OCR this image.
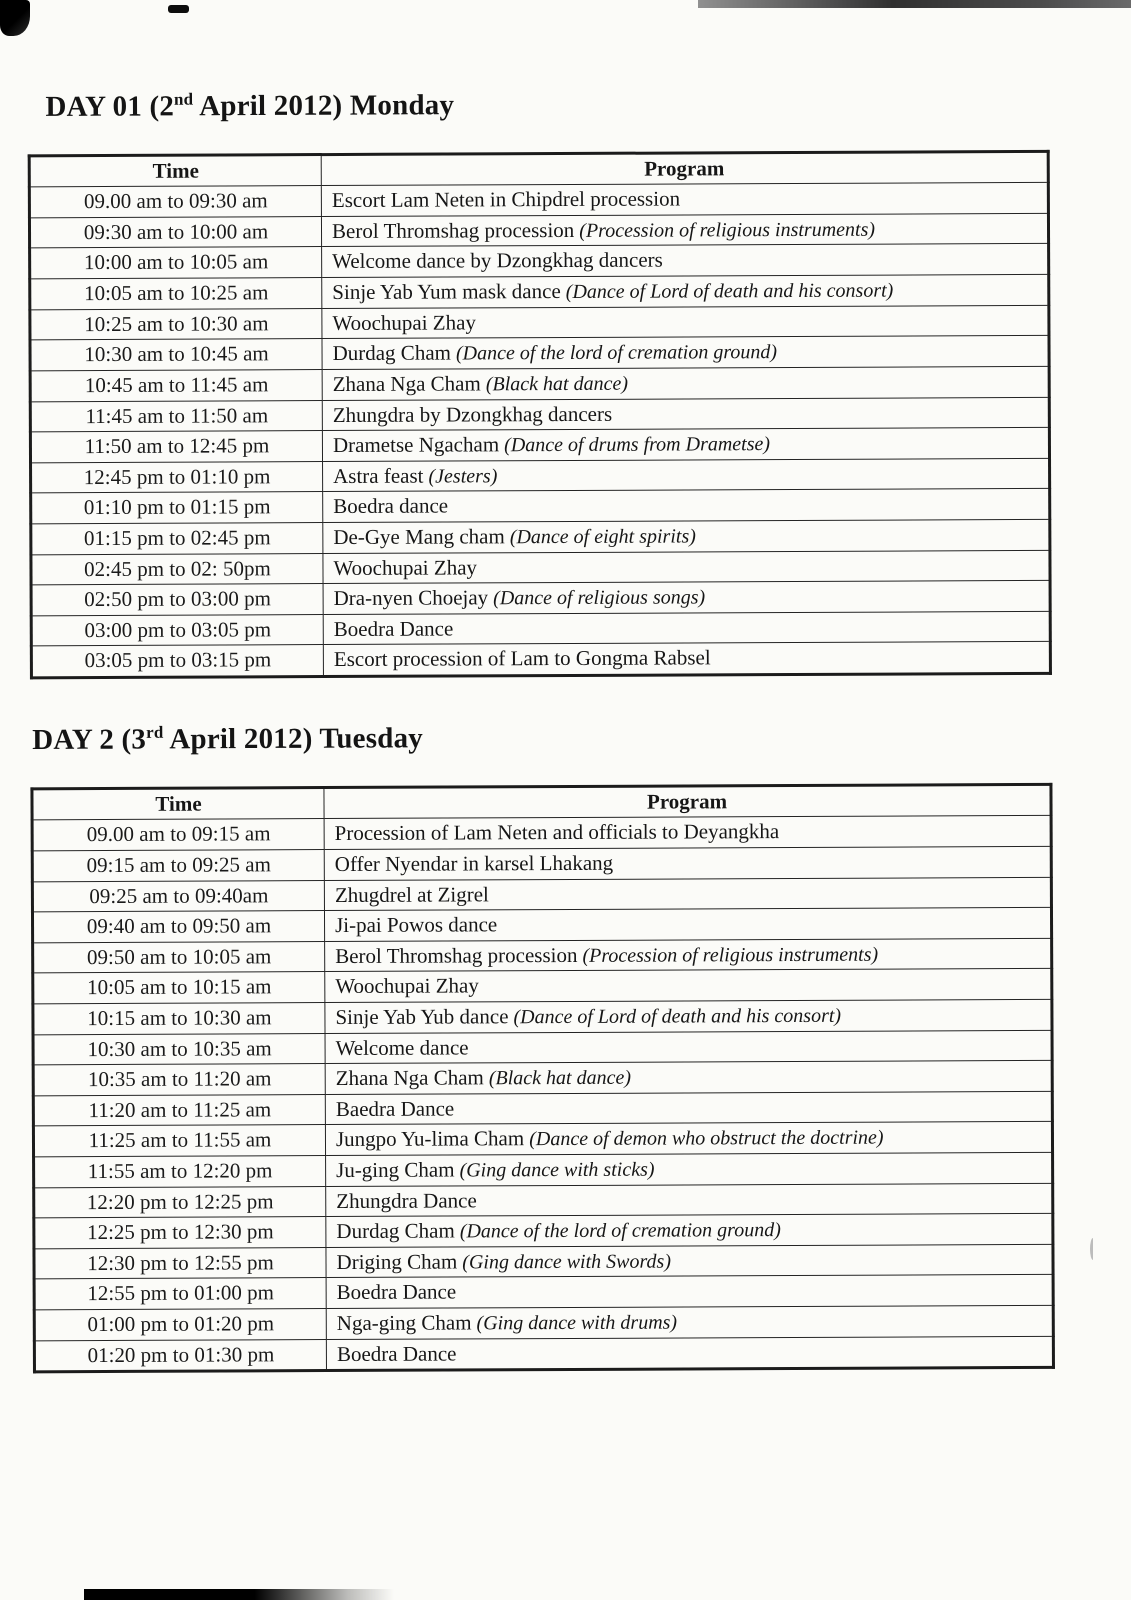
DAY 01 (2nd April 2012) Monday
Time	Program
09.00 am to 09:30 am	Escort Lam Neten in Chipdrel procession
09:30 am to 10:00 am	Berol Thromshag procession (Procession of religious instruments)
10:00 am to 10:05 am	Welcome dance by Dzongkhag dancers
10:05 am to 10:25 am	Sinje Yab Yum mask dance (Dance of Lord of death and his consort)
10:25 am to 10:30 am	Woochupai Zhay
10:30 am to 10:45 am	Durdag Cham (Dance of the lord of cremation ground)
10:45 am to 11:45 am	Zhana Nga Cham (Black hat dance)
11:45 am to 11:50 am	Zhungdra by Dzongkhag dancers
11:50 am to 12:45 pm	Drametse Ngacham (Dance of drums from Drametse)
12:45 pm to 01:10 pm	Astra feast (Jesters)
01:10 pm to 01:15 pm	Boedra dance
01:15 pm to 02:45 pm	De-Gye Mang cham (Dance of eight spirits)
02:45 pm to 02: 50pm	Woochupai Zhay
02:50 pm to 03:00 pm	Dra-nyen Choejay (Dance of religious songs)
03:00 pm to 03:05 pm	Boedra Dance
03:05 pm to 03:15 pm	Escort procession of Lam to Gongma Rabsel
DAY 2 (3rd April 2012) Tuesday
Time	Program
09.00 am to 09:15 am	Procession of Lam Neten and officials to Deyangkha
09:15 am to 09:25 am	Offer Nyendar in karsel Lhakang
09:25 am to 09:40am	Zhugdrel at Zigrel
09:40 am to 09:50 am	Ji-pai Powos dance
09:50 am to 10:05 am	Berol Thromshag procession (Procession of religious instruments)
10:05 am to 10:15 am	Woochupai Zhay
10:15 am to 10:30 am	Sinje Yab Yub dance (Dance of Lord of death and his consort)
10:30 am to 10:35 am	Welcome dance
10:35 am to 11:20 am	Zhana Nga Cham (Black hat dance)
11:20 am to 11:25 am	Baedra Dance
11:25 am to 11:55 am	Jungpo Yu-lima Cham (Dance of demon who obstruct the doctrine)
11:55 am to 12:20 pm	Ju-ging Cham (Ging dance with sticks)
12:20 pm to 12:25 pm	Zhungdra Dance
12:25 pm to 12:30 pm	Durdag Cham (Dance of the lord of cremation ground)
12:30 pm to 12:55 pm	Driging Cham (Ging dance with Swords)
12:55 pm to 01:00 pm	Boedra Dance
01:00 pm to 01:20 pm	Nga-ging Cham (Ging dance with drums)
01:20 pm to 01:30 pm	Boedra Dance
